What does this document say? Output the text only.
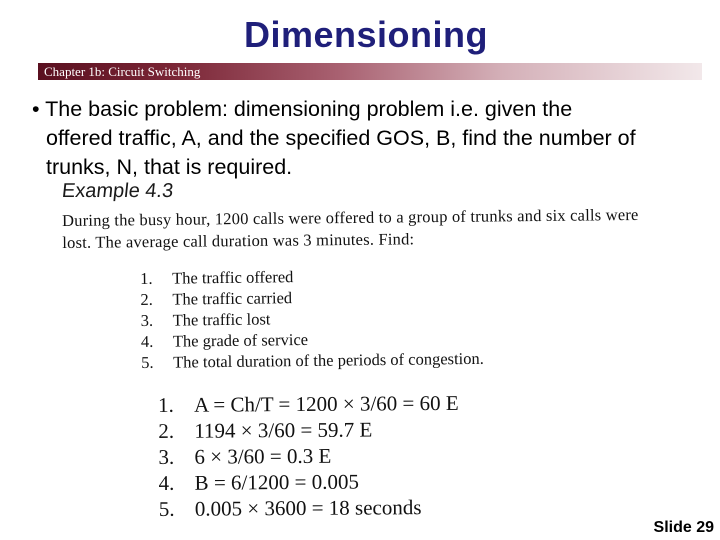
Dimensioning
Chapter 1b: Circuit Switching
• The basic problem: dimensioning problem i.e. given the
offered traffic, A, and the specified GOS, B, find the number of
trunks, N, that is required.
Example 4.3
During the busy hour, 1200 calls were offered to a group of trunks and six calls were
lost. The average call duration was 3 minutes. Find:
1. The traffic offered
2. The traffic carried
3. The traffic lost
4. The grade of service
5. The total duration of the periods of congestion.
1. A = Ch/T = 1200 × 3/60 = 60 E
2. 1194 × 3/60 = 59.7 E
3. 6 × 3/60 = 0.3 E
4. B = 6/1200 = 0.005
5. 0.005 × 3600 = 18 seconds
Slide 29
